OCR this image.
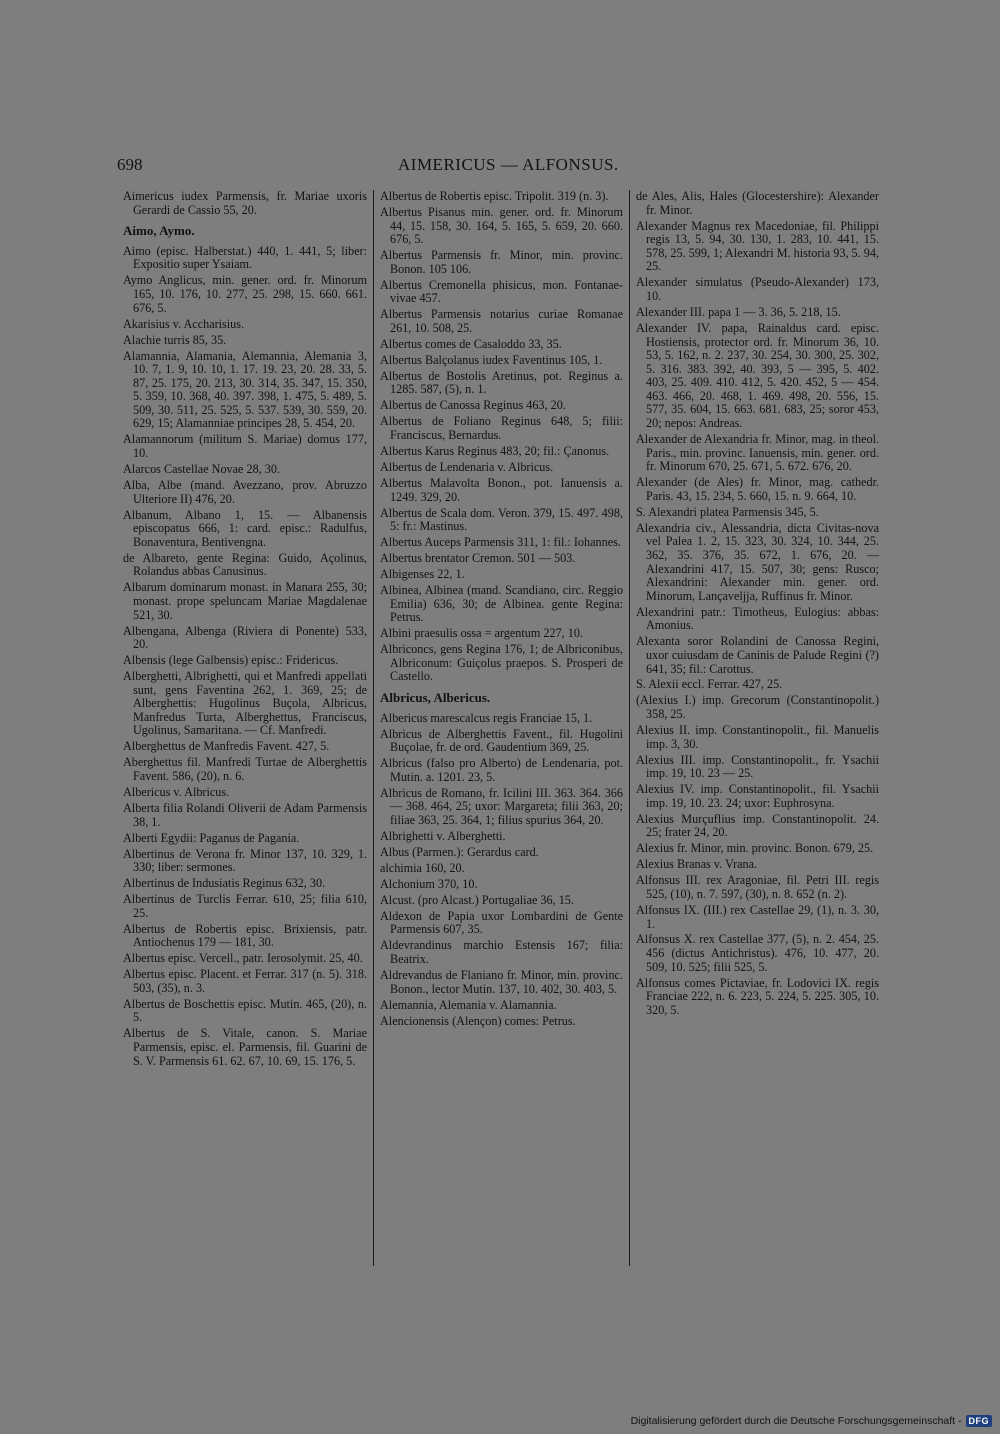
698	AIMERICUS — ALFONSUS.
Aimericus iudex Parmensis, fr. Mariae uxoris Gerardi de Cassio 55, 20.
Aimo, Aymo.
Aimo (episc. Halberstat.) 440, 1. 441, 5; liber: Expositio super Ysaiam.
Aymo Anglicus, min. gener. ord. fr. Minorum 165, 10. 176, 10. 277, 25. 298, 15. 660. 661. 676, 5.
Akarisius v. Accharisius.
Alachie turris 85, 35.
Alamannia, Alamania, Alemannia, Alemania 3, 10. 7, 1. 9, 10. 10, 1. 17. 19. 23, 20. 28. 33, 5. 87, 25. 175, 20. 213, 30. 314, 35. 347, 15. 350, 5. 359, 10. 368, 40. 397. 398, 1. 475, 5. 489, 5. 509, 30. 511, 25. 525, 5. 537. 539, 30. 559, 20. 629, 15; Alamanniae principes 28, 5. 454, 20.
Alamannorum (militum S. Mariae) domus 177, 10.
Alarcos Castellae Novae 28, 30.
Alba, Albe (mand. Avezzano, prov. Abruzzo Ulteriore II) 476, 20.
Albanum, Albano 1, 15. — Albanensis episcopatus 666, 1: card. episc.: Radulfus, Bonaventura, Bentivengna.
de Albareto, gente Regina: Guido, Açolinus, Rolandus abbas Canusinus.
Albarum dominarum monast. in Manara 255, 30; monast. prope speluncam Mariae Magdalenae 521, 30.
Albengana, Albenga (Riviera di Ponente) 533, 20.
Albensis (lege Galbensis) episc.: Fridericus.
Alberghetti, Albrighetti, qui et Manfredi appellati sunt, gens Faventina 262, 1. 369, 25; de Alberghettis: Hugolinus Buçola, Albricus, Manfredus Turta, Alberghettus, Franciscus, Ugolinus, Samaritana. — Cf. Manfredi.
Alberghettus de Manfredis Favent. 427, 5.
Aberghettus fil. Manfredi Turtae de Alberghettis Favent. 586, (20), n. 6.
Albericus v. Albricus.
Alberta filia Rolandi Oliverii de Adam Parmensis 38, 1.
Alberti Egydii: Paganus de Pagania.
Albertinus de Verona fr. Minor 137, 10. 329, 1. 330; liber: sermones.
Albertinus de Indusiatis Reginus 632, 30.
Albertinus de Turclis Ferrar. 610, 25; filia 610, 25.
Albertus de Robertis episc. Brixiensis, patr. Antiochenus 179 — 181, 30.
Albertus episc. Vercell., patr. Ierosolymit. 25, 40.
Albertus episc. Placent. et Ferrar. 317 (n. 5). 318. 503, (35), n. 3.
Albertus de Boschettis episc. Mutin. 465, (20), n. 5.
Albertus de S. Vitale, canon. S. Mariae Parmensis, episc. el. Parmensis, fil. Guarini de S. V. Parmensis 61. 62. 67, 10. 69, 15. 176, 5.
Albertus de Robertis episc. Tripolit. 319 (n. 3).
Albertus Pisanus min. gener. ord. fr. Minorum 44, 15. 158, 30. 164, 5. 165, 5. 659, 20. 660. 676, 5.
Albertus Parmensis fr. Minor, min. provinc. Bonon. 105 106.
Albertus Cremonella phisicus, mon. Fontanae-vivae 457.
Albertus Parmensis notarius curiae Romanae 261, 10. 508, 25.
Albertus comes de Casaloddo 33, 35.
Albertus Balçolanus iudex Faventinus 105, 1.
Albertus de Bostolis Aretinus, pot. Reginus a. 1285. 587, (5), n. 1.
Albertus de Canossa Reginus 463, 20.
Albertus de Foliano Reginus 648, 5; filii: Franciscus, Bernardus.
Albertus Karus Reginus 483, 20; fil.: Çanonus.
Albertus de Lendenaria v. Albricus.
Albertus Malavolta Bonon., pot. Ianuensis a. 1249. 329, 20.
Albertus de Scala dom. Veron. 379, 15. 497. 498, 5: fr.: Mastinus.
Albertus Auceps Parmensis 311, 1: fil.: Iohannes.
Albertus brentator Cremon. 501 — 503.
Albigenses 22, 1.
Albinea, Albinea (mand. Scandiano, circ. Reggio Emilia) 636, 30; de Albinea. gente Regina: Petrus.
Albini praesulis ossa = argentum 227, 10.
Albriconcs, gens Regina 176, 1; de Albriconibus, Albriconum: Guiçolus praepos. S. Prosperi de Castello.
Albricus, Albericus.
Albericus marescalcus regis Franciae 15, 1.
Albricus de Alberghettis Favent., fil. Hugolini Buçolae, fr. de ord. Gaudentium 369, 25.
Albricus (falso pro Alberto) de Lendenaria, pot. Mutin. a. 1201. 23, 5.
Albricus de Romano, fr. Icilini III. 363. 364. 366 — 368. 464, 25; uxor: Margareta; filii 363, 20; filiae 363, 25. 364, 1; filius spurius 364, 20.
Albrighetti v. Alberghetti.
Albus (Parmen.): Gerardus card.
alchimia 160, 20.
Alchonium 370, 10.
Alcust. (pro Alcast.) Portugaliae 36, 15.
Aldexon de Papia uxor Lombardini de Gente Parmensis 607, 35.
Aldevrandinus marchio Estensis 167; filia: Beatrix.
Aldrevandus de Flaniano fr. Minor, min. provinc. Bonon., lector Mutin. 137, 10. 402, 30. 403, 5.
Alemannia, Alemania v. Alamannia.
Alencionensis (Alençon) comes: Petrus.
de Ales, Alis, Hales (Glocestershire): Alexander fr. Minor.
Alexander Magnus rex Macedoniae, fil. Philippi regis 13, 5. 94, 30. 130, 1. 283, 10. 441, 15. 578, 25. 599, 1; Alexandri M. historia 93, 5. 94, 25.
Alexander simulatus (Pseudo-Alexander) 173, 10.
Alexander III. papa 1 — 3. 36, 5. 218, 15.
Alexander IV. papa, Rainaldus card. episc. Hostiensis, protector ord. fr. Minorum 36, 10. 53, 5. 162, n. 2. 237, 30. 254, 30. 300, 25. 302, 5. 316. 383. 392, 40. 393, 5 — 395, 5. 402. 403, 25. 409. 410. 412, 5. 420. 452, 5 — 454. 463. 466, 20. 468, 1. 469. 498, 20. 556, 15. 577, 35. 604, 15. 663. 681. 683, 25; soror 453, 20; nepos: Andreas.
Alexander de Alexandria fr. Minor, mag. in theol. Paris., min. provinc. Ianuensis, min. gener. ord. fr. Minorum 670, 25. 671, 5. 672. 676, 20.
Alexander (de Ales) fr. Minor, mag. cathedr. Paris. 43, 15. 234, 5. 660, 15. n. 9. 664, 10.
S. Alexandri platea Parmensis 345, 5.
Alexandria civ., Alessandria, dicta Civitas-nova vel Palea 1. 2, 15. 323, 30. 324, 10. 344, 25. 362, 35. 376, 35. 672, 1. 676, 20. — Alexandrini 417, 15. 507, 30; gens: Rusco; Alexandrini: Alexander min. gener. ord. Minorum, Lançaveljja, Ruffinus fr. Minor.
Alexandrini patr.: Timotheus, Eulogius: abbas: Amonius.
Alexanta soror Rolandini de Canossa Regini, uxor cuiusdam de Caninis de Palude Regini (?) 641, 35; fil.: Carottus.
S. Alexii eccl. Ferrar. 427, 25.
(Alexius I.) imp. Grecorum (Constantinopolit.) 358, 25.
Alexius II. imp. Constantinopolit., fil. Manuelis imp. 3, 30.
Alexius III. imp. Constantinopolit., fr. Ysachii imp. 19, 10. 23 — 25.
Alexius IV. imp. Constantinopolit., fil. Ysachii imp. 19, 10. 23. 24; uxor: Euphrosyna.
Alexius Murçuflius imp. Constantinopolit. 24. 25; frater 24, 20.
Alexius fr. Minor, min. provinc. Bonon. 679, 25.
Alexius Branas v. Vrana.
Alfonsus III. rex Aragoniae, fil. Petri III. regis 525, (10), n. 7. 597, (30), n. 8. 652 (n. 2).
Alfonsus IX. (III.) rex Castellae 29, (1), n. 3. 30, 1.
Alfonsus X. rex Castellae 377, (5), n. 2. 454, 25. 456 (dictus Antichristus). 476, 10. 477, 20. 509, 10. 525; filii 525, 5.
Alfonsus comes Pictaviae, fr. Lodovici IX. regis Franciae 222, n. 6. 223, 5. 224, 5. 225. 305, 10. 320, 5.
Digitalisierung gefördert durch die Deutsche Forschungsgemeinschaft - DFG
